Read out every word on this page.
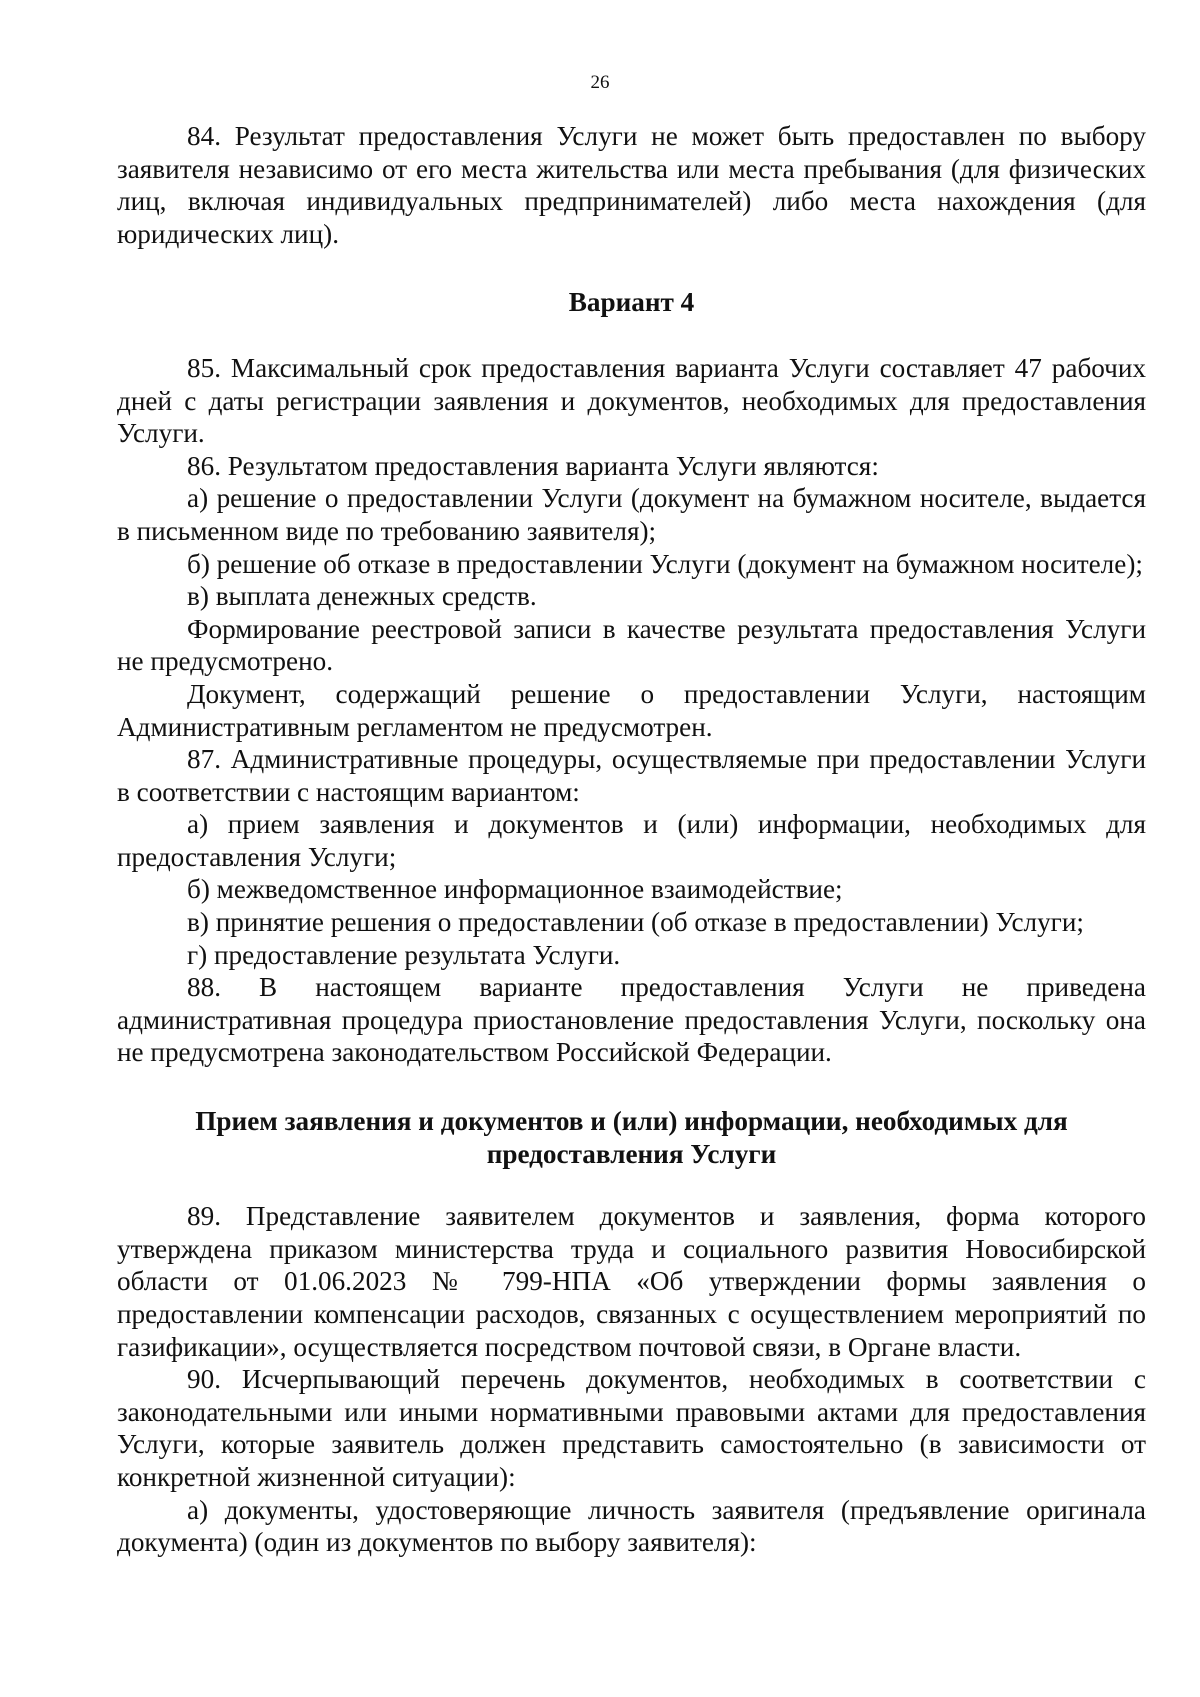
26

84. Результат предоставления Услуги не может быть предоставлен по выбору заявителя независимо от его места жительства или места пребывания (для физических лиц, включая индивидуальных предпринимателей) либо места нахождения (для юридических лиц).

Вариант 4

85. Максимальный срок предоставления варианта Услуги составляет 47 рабочих дней с даты регистрации заявления и документов, необходимых для предоставления Услуги.

86. Результатом предоставления варианта Услуги являются:

а) решение о предоставлении Услуги (документ на бумажном носителе, выдается в письменном виде по требованию заявителя);

б) решение об отказе в предоставлении Услуги (документ на бумажном носителе);

в) выплата денежных средств.

Формирование реестровой записи в качестве результата предоставления Услуги не предусмотрено.

Документ, содержащий решение о предоставлении Услуги, настоящим Административным регламентом не предусмотрен.

87. Административные процедуры, осуществляемые при предоставлении Услуги в соответствии с настоящим вариантом:

а) прием заявления и документов и (или) информации, необходимых для предоставления Услуги;

б) межведомственное информационное взаимодействие;

в) принятие решения о предоставлении (об отказе в предоставлении) Услуги;

г) предоставление результата Услуги.

88. В настоящем варианте предоставления Услуги не приведена административная процедура приостановление предоставления Услуги, поскольку она не предусмотрена законодательством Российской Федерации.

Прием заявления и документов и (или) информации, необходимых для предоставления Услуги

89. Представление заявителем документов и заявления, форма которого утверждена приказом министерства труда и социального развития Новосибирской области от 01.06.2023 № 799-НПА «Об утверждении формы заявления о предоставлении компенсации расходов, связанных с осуществлением мероприятий по газификации», осуществляется посредством почтовой связи, в Органе власти.

90. Исчерпывающий перечень документов, необходимых в соответствии с законодательными или иными нормативными правовыми актами для предоставления Услуги, которые заявитель должен представить самостоятельно (в зависимости от конкретной жизненной ситуации):

а) документы, удостоверяющие личность заявителя (предъявление оригинала документа) (один из документов по выбору заявителя):
